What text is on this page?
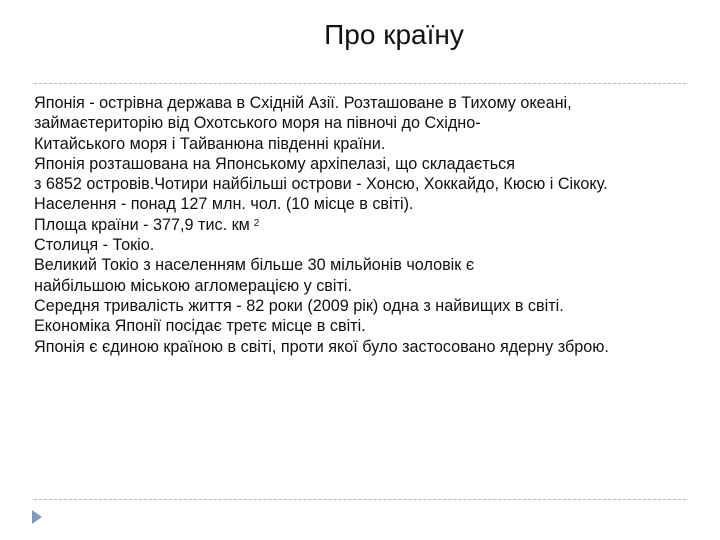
Про країну
Японія - острівна держава в Східній Азії. Розташоване в Тихому океані,
займаєтериторію від Охотського моря на півночі до Східно-
Китайського моря і Тайванюна південні країни.
Японія розташована на Японському архіпелазі, що складається
з 6852 островів.Чотири найбільші острови - Хонсю, Хоккайдо, Кюсю і Сікоку.
Населення - понад 127 млн. чол. (10 місце в світі).
Площа країни - 377,9 тис. км $^2$
Столиця - Токіо.
Великий Токіо з населенням більше 30 мільйонів чоловік є
найбільшою міською агломерацією у світі.
Середня тривалість життя - 82 роки (2009 рік) одна з найвищих в світі.
Економіка Японії посідає третє місце в світі.
Японія є єдиною країною в світі, проти якої було застосовано ядерну зброю.
